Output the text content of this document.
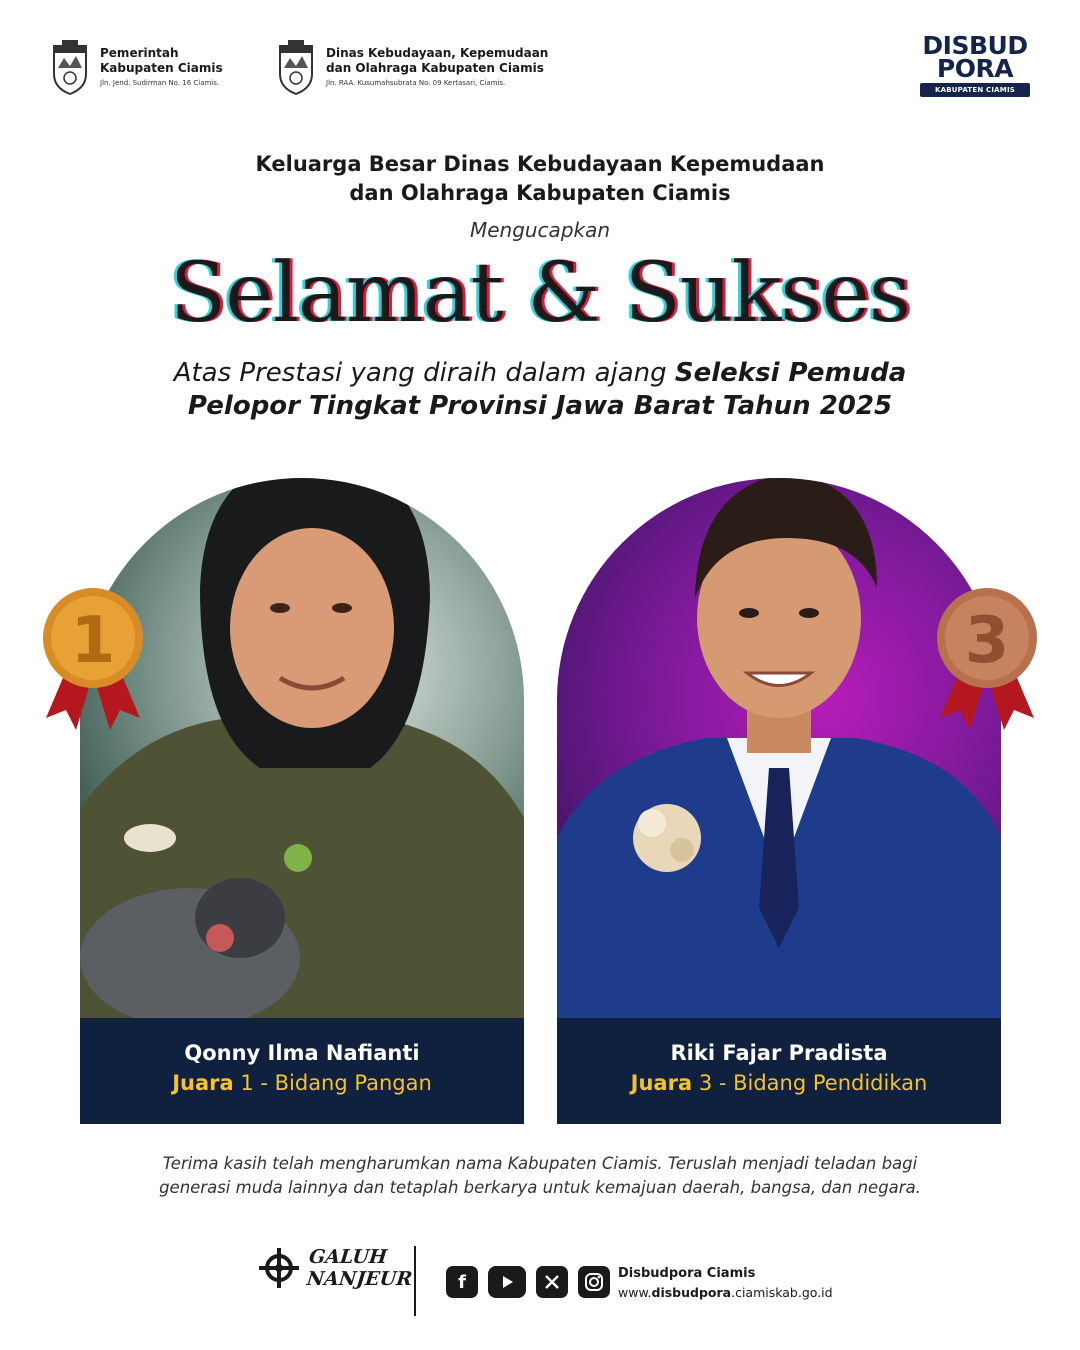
Pemerintah
Kabupaten Ciamis
Jln. Jend. Sudirman No. 16 Ciamis.
Dinas Kebudayaan, Kepemudaan
dan Olahraga Kabupaten Ciamis
Jln. RAA. Kusumahsubrata No. 09 Kertasari, Ciamis.
DISBUD
PORA
KABUPATEN CIAMIS
Keluarga Besar Dinas Kebudayaan Kepemudaan
dan Olahraga Kabupaten Ciamis
Mengucapkan
Selamat & Sukses
Atas Prestasi yang diraih dalam ajang Seleksi Pemuda
Pelopor Tingkat Provinsi Jawa Barat Tahun 2025
Qonny Ilma Nafianti
Juara 1 - Bidang Pangan
Riki Fajar Pradista
Juara 3 - Bidang Pendidikan
1	3
Terima kasih telah mengharumkan nama Kabupaten Ciamis. Teruslah menjadi teladan bagi
generasi muda lainnya dan tetaplah berkarya untuk kemajuan daerah, bangsa, dan negara.
GALUH
NANJEUR	f	Disbudpora Ciamis
www.disbudpora.ciamiskab.go.id
